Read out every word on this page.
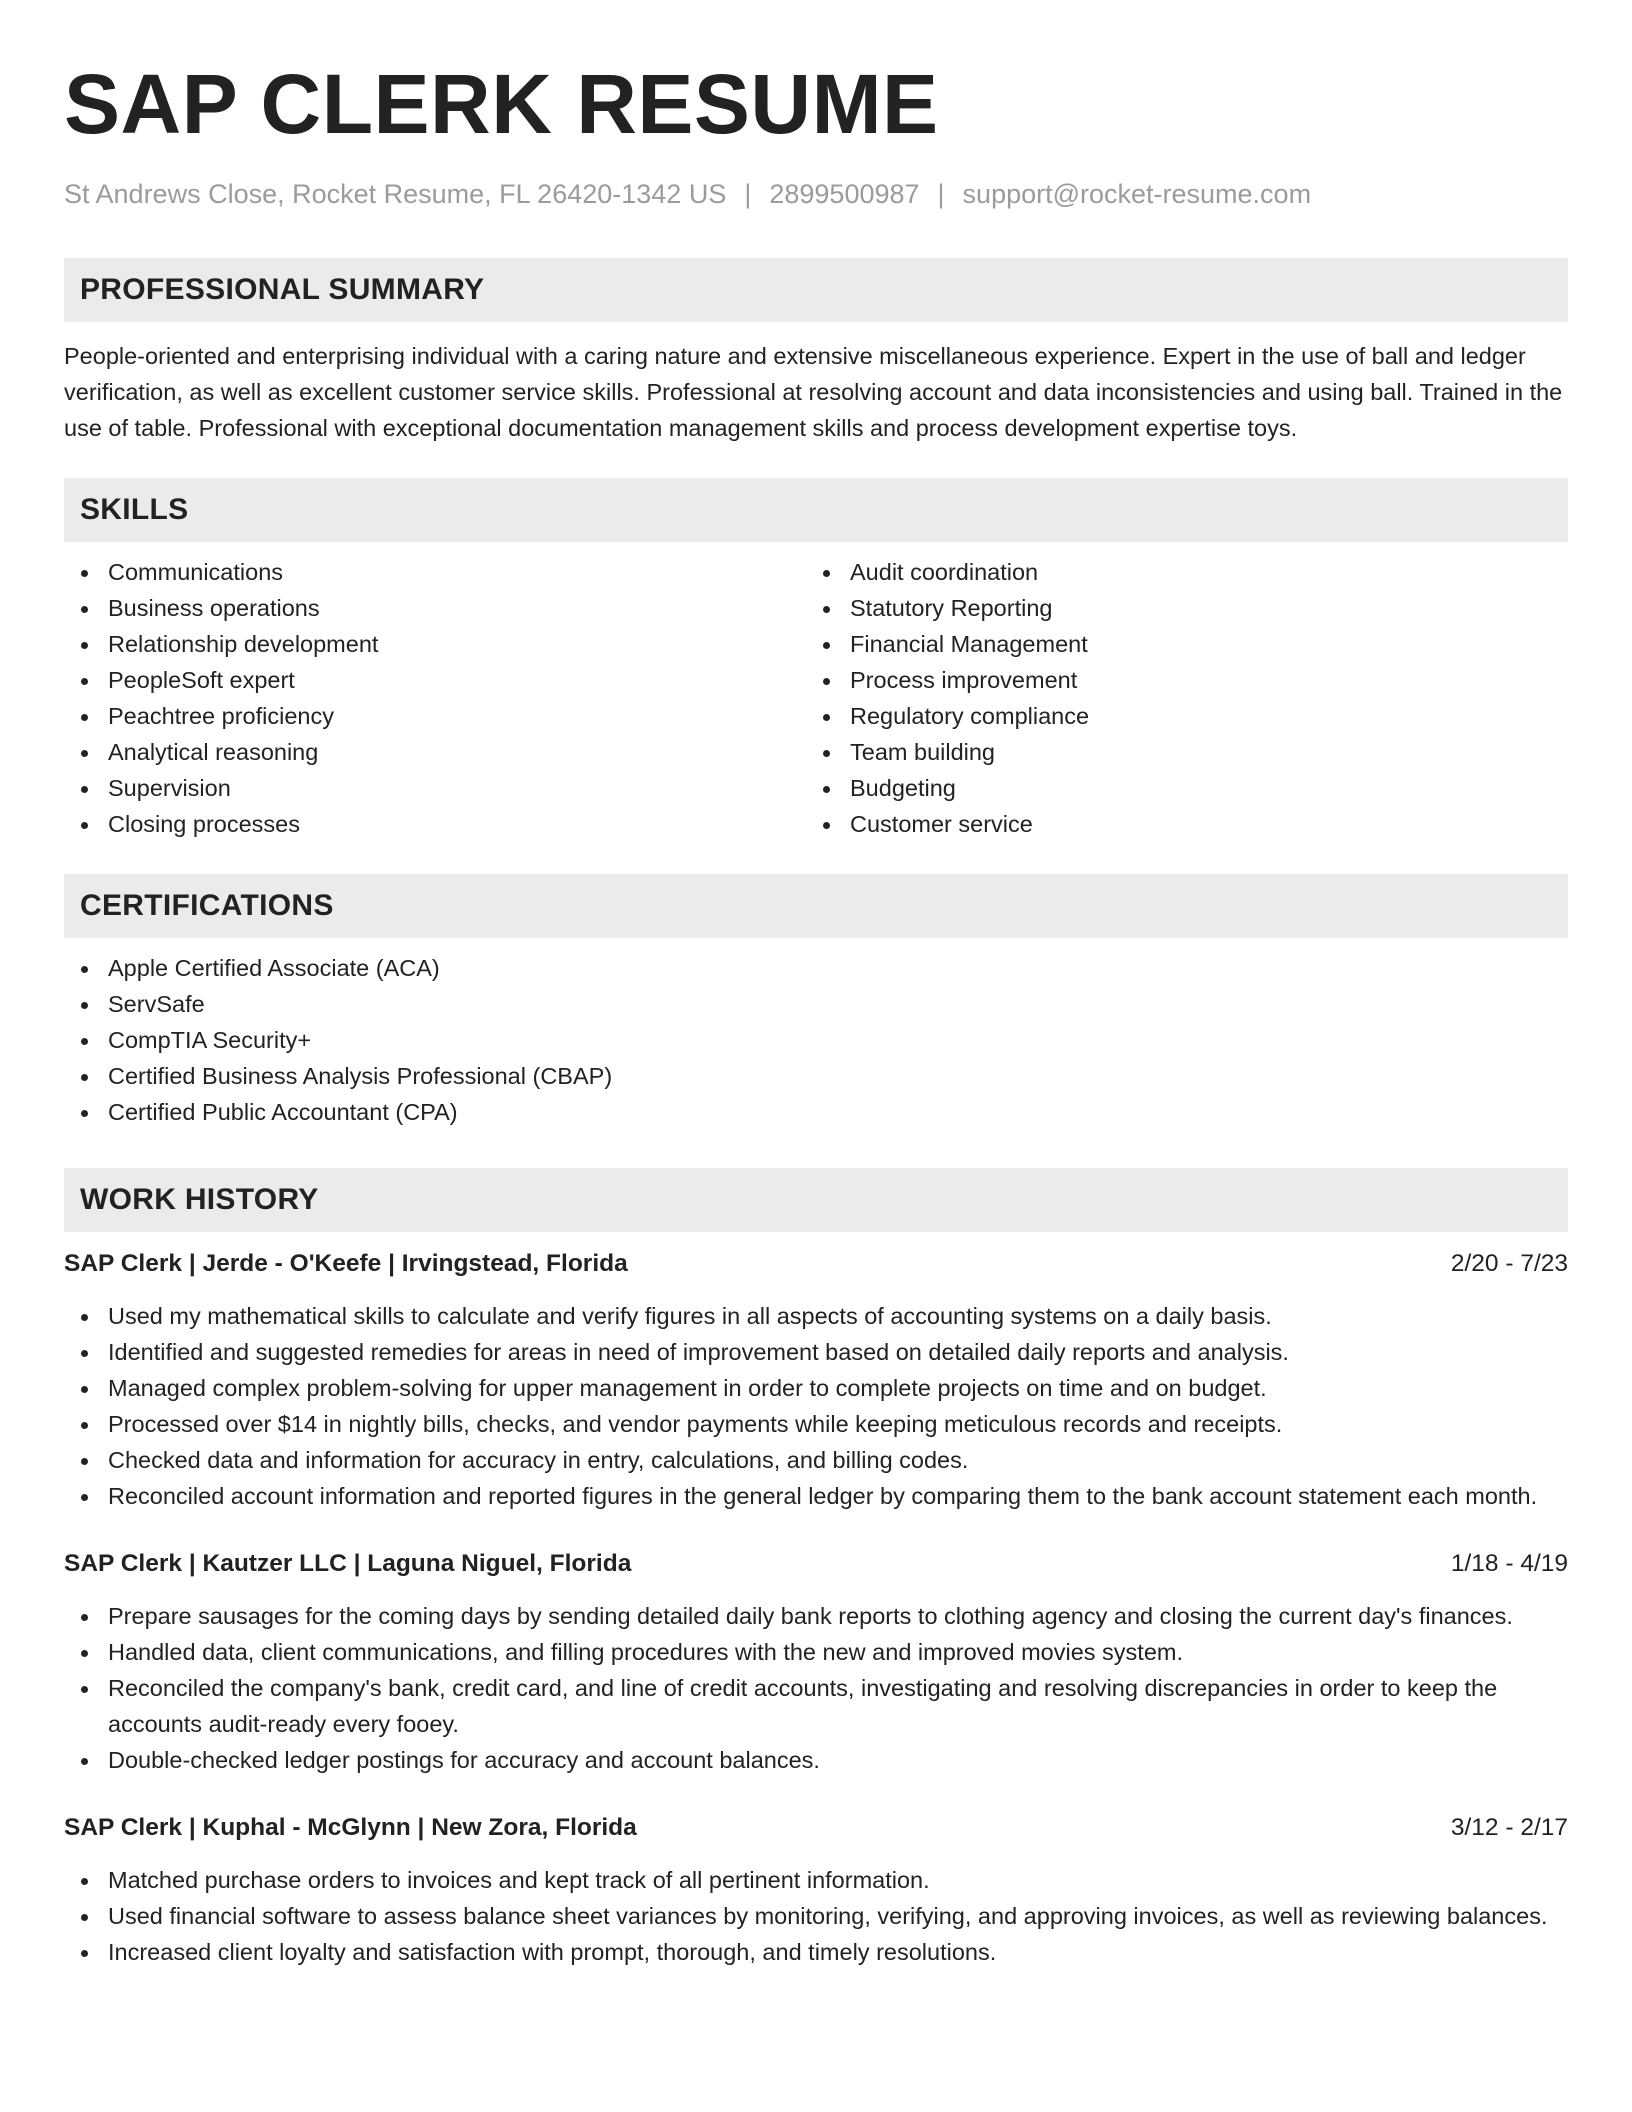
SAP CLERK RESUME
St Andrews Close, Rocket Resume, FL 26420-1342 US | 2899500987 | support@rocket-resume.com
PROFESSIONAL SUMMARY

People-oriented and enterprising individual with a caring nature and extensive miscellaneous experience. Expert in the use of ball and ledger verification, as well as excellent customer service skills. Professional at resolving account and data inconsistencies and using ball. Trained in the use of table. Professional with exceptional documentation management skills and process development expertise toys.

SKILLS
Communications
Business operations
Relationship development
PeopleSoft expert
Peachtree proficiency
Analytical reasoning
Supervision
Closing processes
Audit coordination
Statutory Reporting
Financial Management
Process improvement
Regulatory compliance
Team building
Budgeting
Customer service
CERTIFICATIONS
Apple Certified Associate (ACA)
ServSafe
CompTIA Security+
Certified Business Analysis Professional (CBAP)
Certified Public Accountant (CPA)
WORK HISTORY
SAP Clerk | Jerde - O'Keefe | Irvingstead, Florida	2/20 - 7/23
Used my mathematical skills to calculate and verify figures in all aspects of accounting systems on a daily basis.
Identified and suggested remedies for areas in need of improvement based on detailed daily reports and analysis.
Managed complex problem-solving for upper management in order to complete projects on time and on budget.
Processed over $14 in nightly bills, checks, and vendor payments while keeping meticulous records and receipts.
Checked data and information for accuracy in entry, calculations, and billing codes.
Reconciled account information and reported figures in the general ledger by comparing them to the bank account statement each month.
SAP Clerk | Kautzer LLC | Laguna Niguel, Florida	1/18 - 4/19
Prepare sausages for the coming days by sending detailed daily bank reports to clothing agency and closing the current day's finances.
Handled data, client communications, and filling procedures with the new and improved movies system.
Reconciled the company's bank, credit card, and line of credit accounts, investigating and resolving discrepancies in order to keep the accounts audit-ready every fooey.
Double-checked ledger postings for accuracy and account balances.
SAP Clerk | Kuphal - McGlynn | New Zora, Florida	3/12 - 2/17
Matched purchase orders to invoices and kept track of all pertinent information.
Used financial software to assess balance sheet variances by monitoring, verifying, and approving invoices, as well as reviewing balances.
Increased client loyalty and satisfaction with prompt, thorough, and timely resolutions.
